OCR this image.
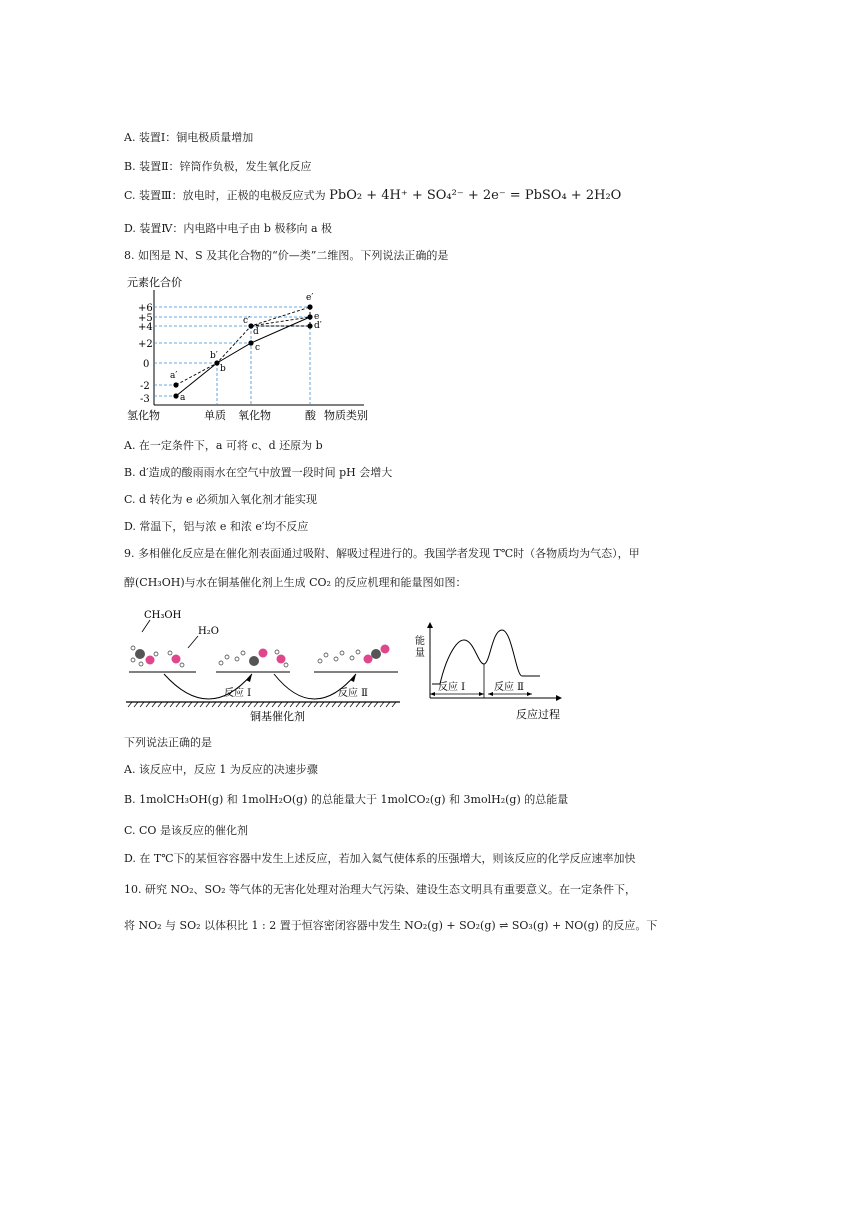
A. 装置Ⅰ：铜电极质量增加
B. 装置Ⅱ：锌筒作负极，发生氧化反应
C. 装置Ⅲ：放电时，正极的电极反应式为 PbO₂ + 4H⁺ + SO₄²⁻ + 2e⁻ = PbSO₄ + 2H₂O
D. 装置Ⅳ：内电路中电子由 b 极移向 a 极
8. 如图是 N、S 及其化合物的“价—类”二维图。下列说法正确的是
元素化合价
+6
+5
+4
+2
0
-2
-3	a
a′
b
b′
c
c′
d
d′
e
e′
氢化物	单质 氧化物	酸 物质类别
A. 在一定条件下，a 可将 c、d 还原为 b
B. d′造成的酸雨雨水在空气中放置一段时间 pH 会增大
C. d 转化为 e 必须加入氧化剂才能实现
D. 常温下，铝与浓 e 和浓 e′均不反应
9. 多相催化反应是在催化剂表面通过吸附、解吸过程进行的。我国学者发现 T℃时（各物质均为气态），甲
醇(CH₃OH)与水在铜基催化剂上生成 CO₂ 的反应机理和能量图如图：
CH₃OH
H₂O
反应 Ⅰ	反应 Ⅱ
铜基催化剂
能
量
反应 Ⅰ	反应 Ⅱ
反应过程
下列说法正确的是
A. 该反应中，反应 1 为反应的决速步骤
B. 1molCH₃OH(g) 和 1molH₂O(g) 的总能量大于 1molCO₂(g) 和 3molH₂(g) 的总能量
C. CO 是该反应的催化剂
D. 在 T℃下的某恒容容器中发生上述反应，若加入氦气使体系的压强增大，则该反应的化学反应速率加快
10. 研究 NO₂、SO₂ 等气体的无害化处理对治理大气污染、建设生态文明具有重要意义。在一定条件下，
将 NO₂ 与 SO₂ 以体积比 1 : 2 置于恒容密闭容器中发生 NO₂(g) + SO₂(g) ⇌ SO₃(g) + NO(g) 的反应。下
